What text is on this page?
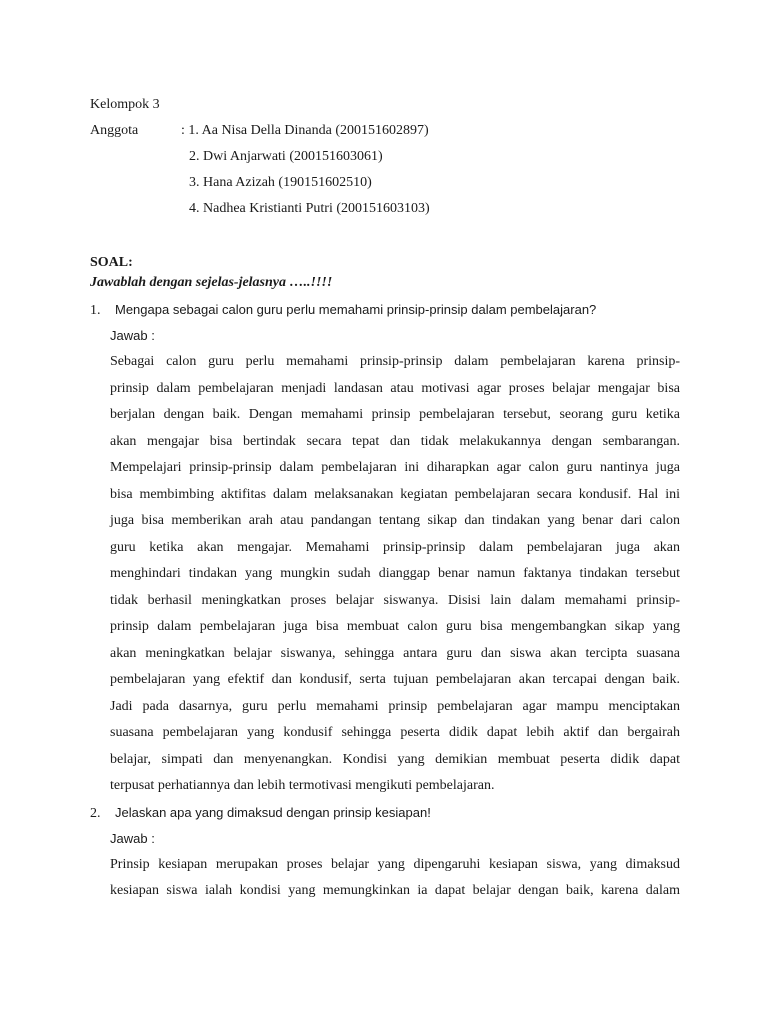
Kelompok 3
Anggota	: 1. Aa Nisa Della Dinanda (200151602897)
2. Dwi Anjarwati (200151603061)
3. Hana Azizah (190151602510)
4. Nadhea Kristianti Putri (200151603103)
SOAL:
Jawablah dengan sejelas-jelasnya …..!!!!
1. Mengapa sebagai calon guru perlu memahami prinsip-prinsip dalam pembelajaran?
Jawab :
Sebagai calon guru perlu memahami prinsip-prinsip dalam pembelajaran karena prinsip-
prinsip dalam pembelajaran menjadi landasan atau motivasi agar proses belajar mengajar bisa
berjalan dengan baik. Dengan memahami prinsip pembelajaran tersebut, seorang guru ketika
akan mengajar bisa bertindak secara tepat dan tidak melakukannya dengan sembarangan.
Mempelajari prinsip-prinsip dalam pembelajaran ini diharapkan agar calon guru nantinya juga
bisa membimbing aktifitas dalam melaksanakan kegiatan pembelajaran secara kondusif. Hal ini
juga bisa memberikan arah atau pandangan tentang sikap dan tindakan yang benar dari calon
guru ketika akan mengajar. Memahami prinsip-prinsip dalam pembelajaran juga akan
menghindari tindakan yang mungkin sudah dianggap benar namun faktanya tindakan tersebut
tidak berhasil meningkatkan proses belajar siswanya. Disisi lain dalam memahami prinsip-
prinsip dalam pembelajaran juga bisa membuat calon guru bisa mengembangkan sikap yang
akan meningkatkan belajar siswanya, sehingga antara guru dan siswa akan tercipta suasana
pembelajaran yang efektif dan kondusif, serta tujuan pembelajaran akan tercapai dengan baik.
Jadi pada dasarnya, guru perlu memahami prinsip pembelajaran agar mampu menciptakan
suasana pembelajaran yang kondusif sehingga peserta didik dapat lebih aktif dan bergairah
belajar, simpati dan menyenangkan. Kondisi yang demikian membuat peserta didik dapat
terpusat perhatiannya dan lebih termotivasi mengikuti pembelajaran.
2. Jelaskan apa yang dimaksud dengan prinsip kesiapan!
Jawab :
Prinsip kesiapan merupakan proses belajar yang dipengaruhi kesiapan siswa, yang dimaksud
kesiapan siswa ialah kondisi yang memungkinkan ia dapat belajar dengan baik, karena dalam
